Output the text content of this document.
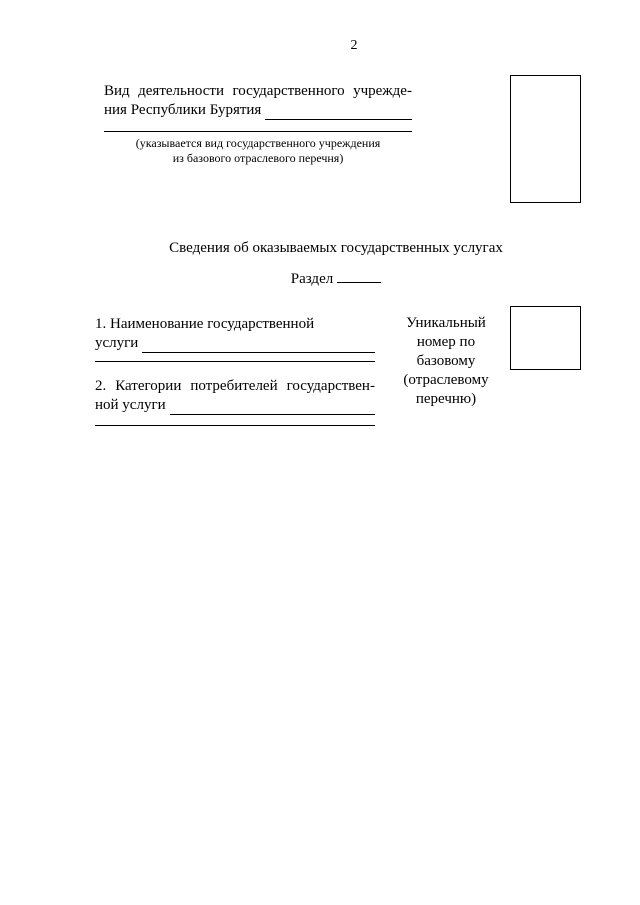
2
Вид деятельности государственного учрежде-
ния Республики Бурятия
(указывается вид государственного учреждения
из базового отраслевого перечня)
Сведения об оказываемых государственных услугах
Раздел
1. Наименование государственной
услуги
2. Категории потребителей государствен-
ной услуги
Уникальный
номер по
базовому
(отраслевому
перечню)
